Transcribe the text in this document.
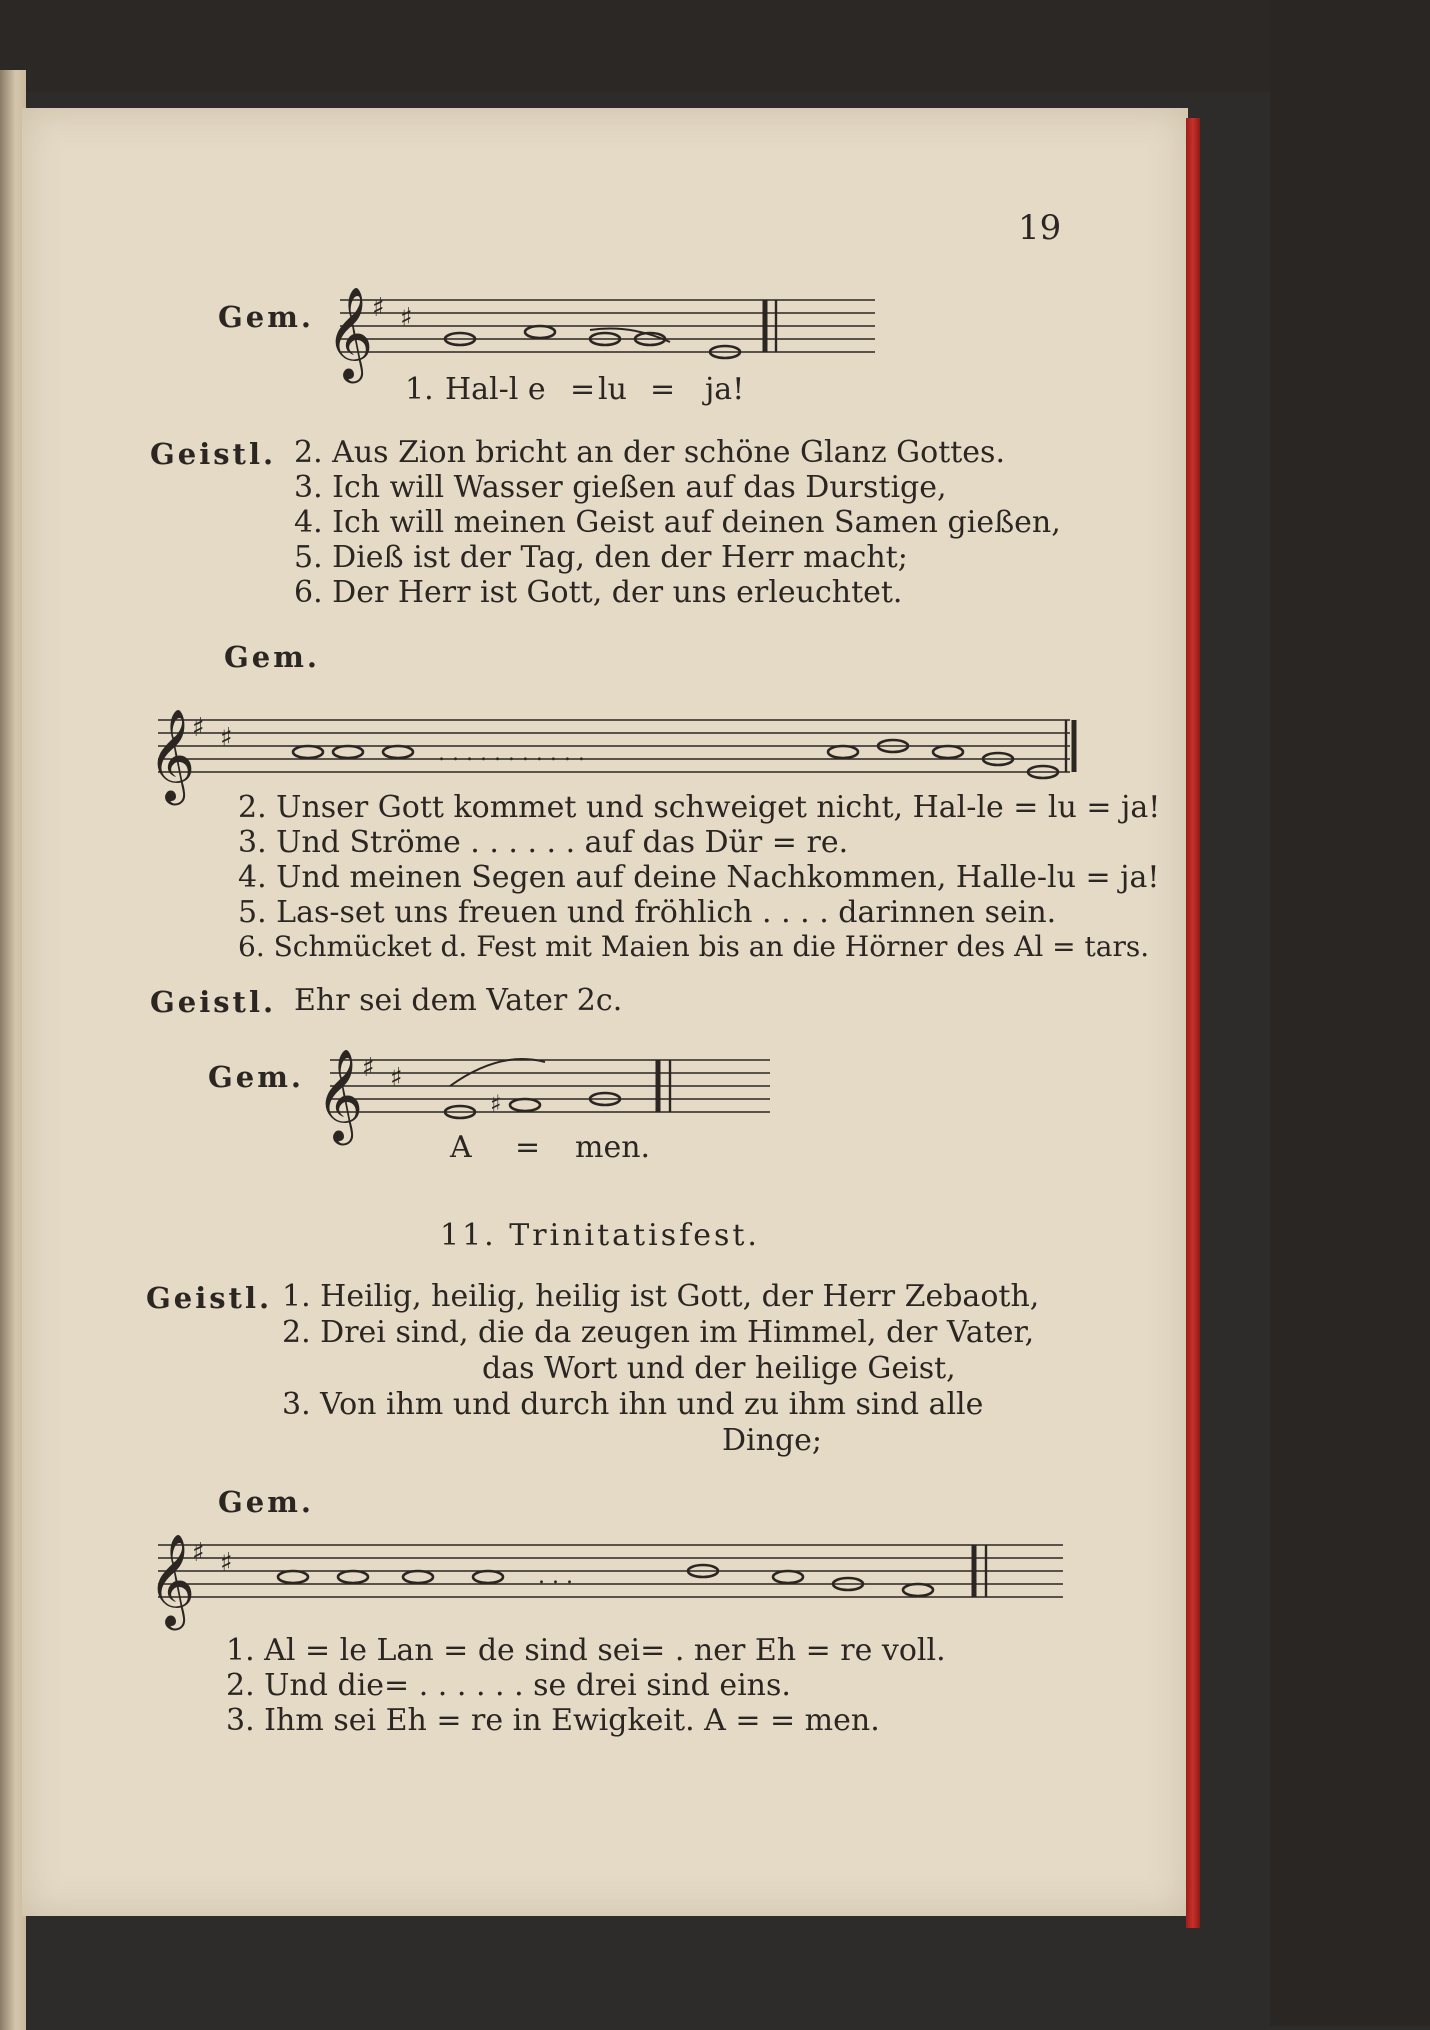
19
Gem. 𝄞
♯ ♯
1. Hal-l e = lu = ja!
Geistl. 2. Aus Zion bricht an der schöne Glanz Gottes.
3. Ich will Wasser gießen auf das Durstige,
4. Ich will meinen Geist auf deinen Samen gießen,
5. Dieß ist der Tag, den der Herr macht;
6. Der Herr ist Gott, der uns erleuchtet.
Gem.
𝄞
♯ ♯
. . . . . . . . . . .
2. Unser Gott kommet und schweiget nicht, Hal-le = lu = ja!
3. Und Ströme . . . . . . auf das Dür = re.
4. Und meinen Segen auf deine Nachkommen, Halle-lu = ja!
5. Las-set uns freuen und fröhlich . . . . darinnen sein.
6. Schmücket d. Fest mit Maien bis an die Hörner des Al = tars.
Geistl. Ehr sei dem Vater 2c.
Gem. 𝄞
♯ ♯
♯
A = men.
11. Trinitatisfest.
Geistl. 1. Heilig, heilig, heilig ist Gott, der Herr Zebaoth,
2. Drei sind, die da zeugen im Himmel, der Vater,
das Wort und der heilige Geist,
3. Von ihm und durch ihn und zu ihm sind alle
Dinge;
Gem.
𝄞
♯ ♯	. . .
1. Al = le Lan = de sind sei= . ner Eh = re voll.
2. Und die= . . . . . . se drei sind eins.
3. Ihm sei Eh = re in Ewigkeit. A = = men.
